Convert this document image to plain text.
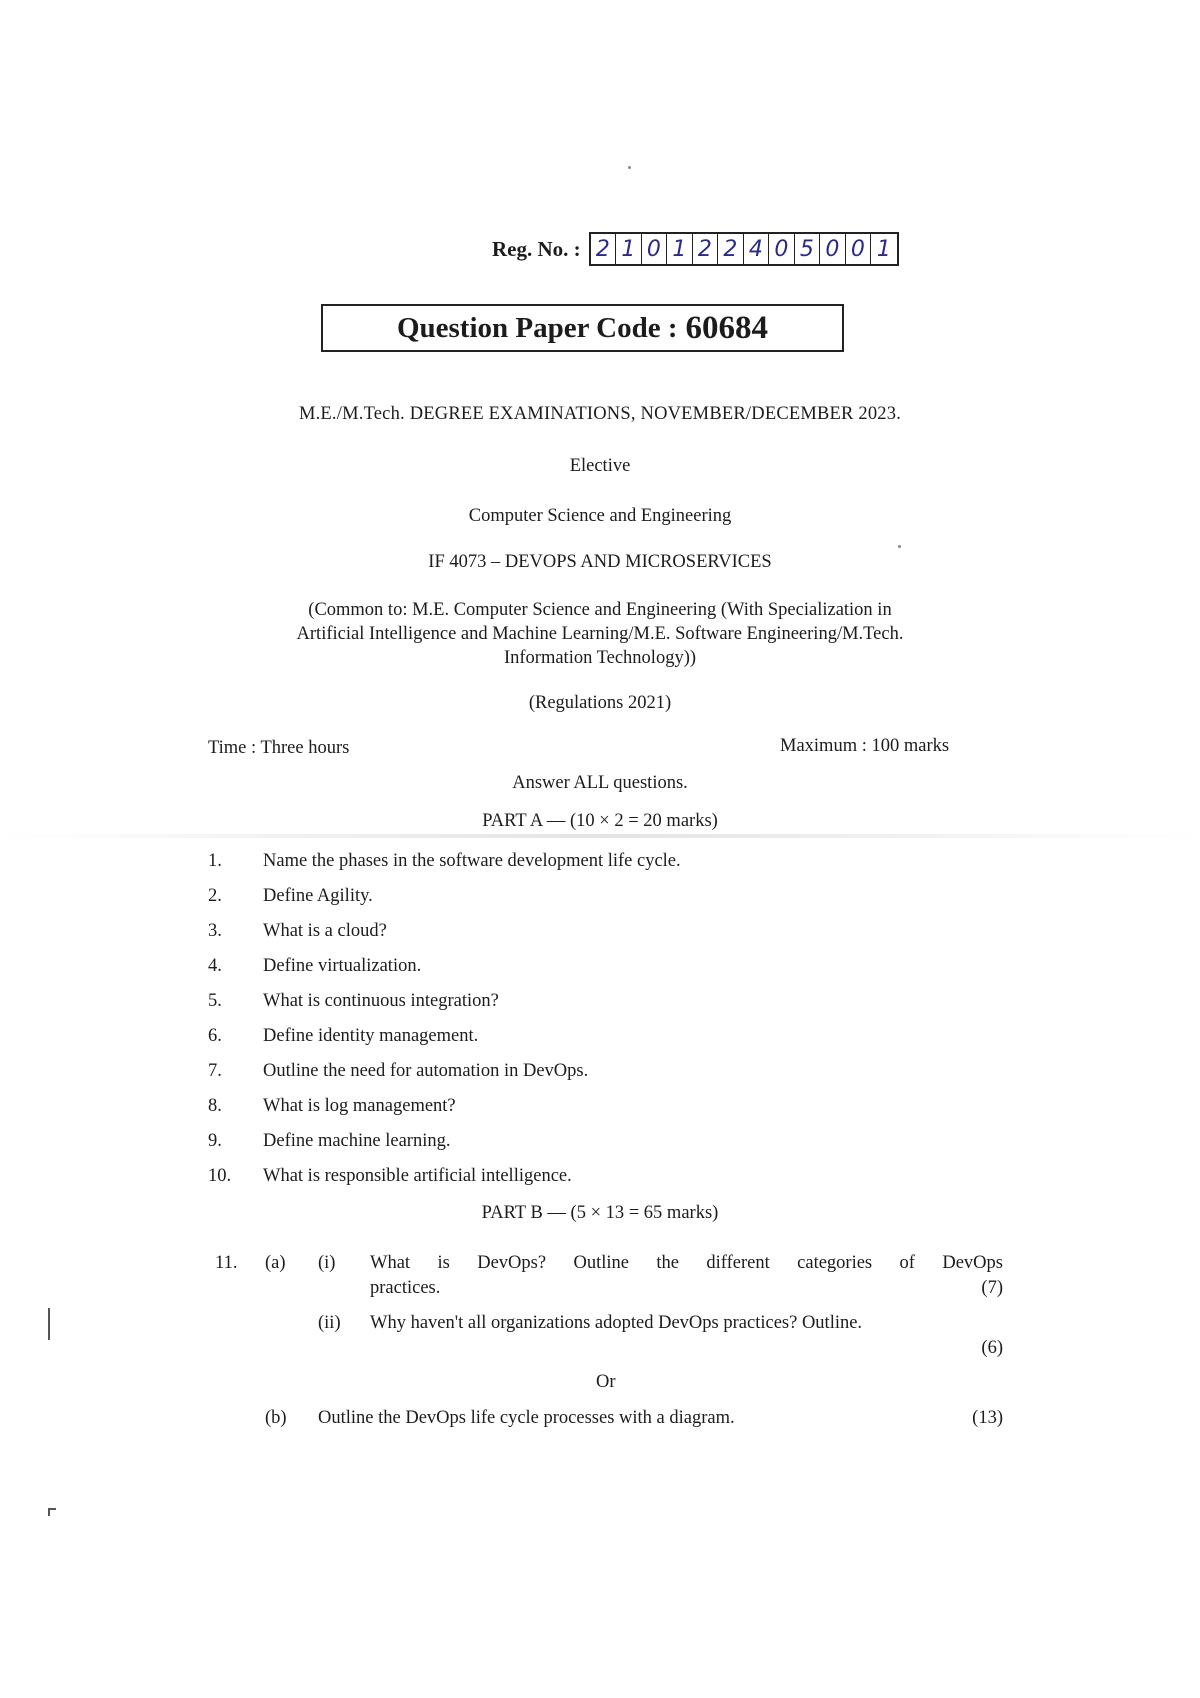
Reg. No. : 2 1 0 1 2 2 4 0 5 0 0 1
Question Paper Code : 60684
M.E./M.Tech. DEGREE EXAMINATIONS, NOVEMBER/DECEMBER 2023.
Elective
Computer Science and Engineering
IF 4073 – DEVOPS AND MICROSERVICES
(Common to: M.E. Computer Science and Engineering (With Specialization in
Artificial Intelligence and Machine Learning/M.E. Software Engineering/M.Tech.
Information Technology))
(Regulations 2021)
Time : Three hours	Maximum : 100 marks
Answer ALL questions.
PART A — (10 × 2 = 20 marks)
1.	Name the phases in the software development life cycle.
2.	Define Agility.
3.	What is a cloud?
4.	Define virtualization.
5.	What is continuous integration?
6.	Define identity management.
7.	Outline the need for automation in DevOps.
8.	What is log management?
9.	Define machine learning.
10.	What is responsible artificial intelligence.
PART B — (5 × 13 = 65 marks)
11. (a) (i) What is DevOps? Outline the different categories of DevOps
practices.	(7)
(ii) Why haven't all organizations adopted DevOps practices? Outline.
(6)
Or
(b) Outline the DevOps life cycle processes with a diagram.	(13)
